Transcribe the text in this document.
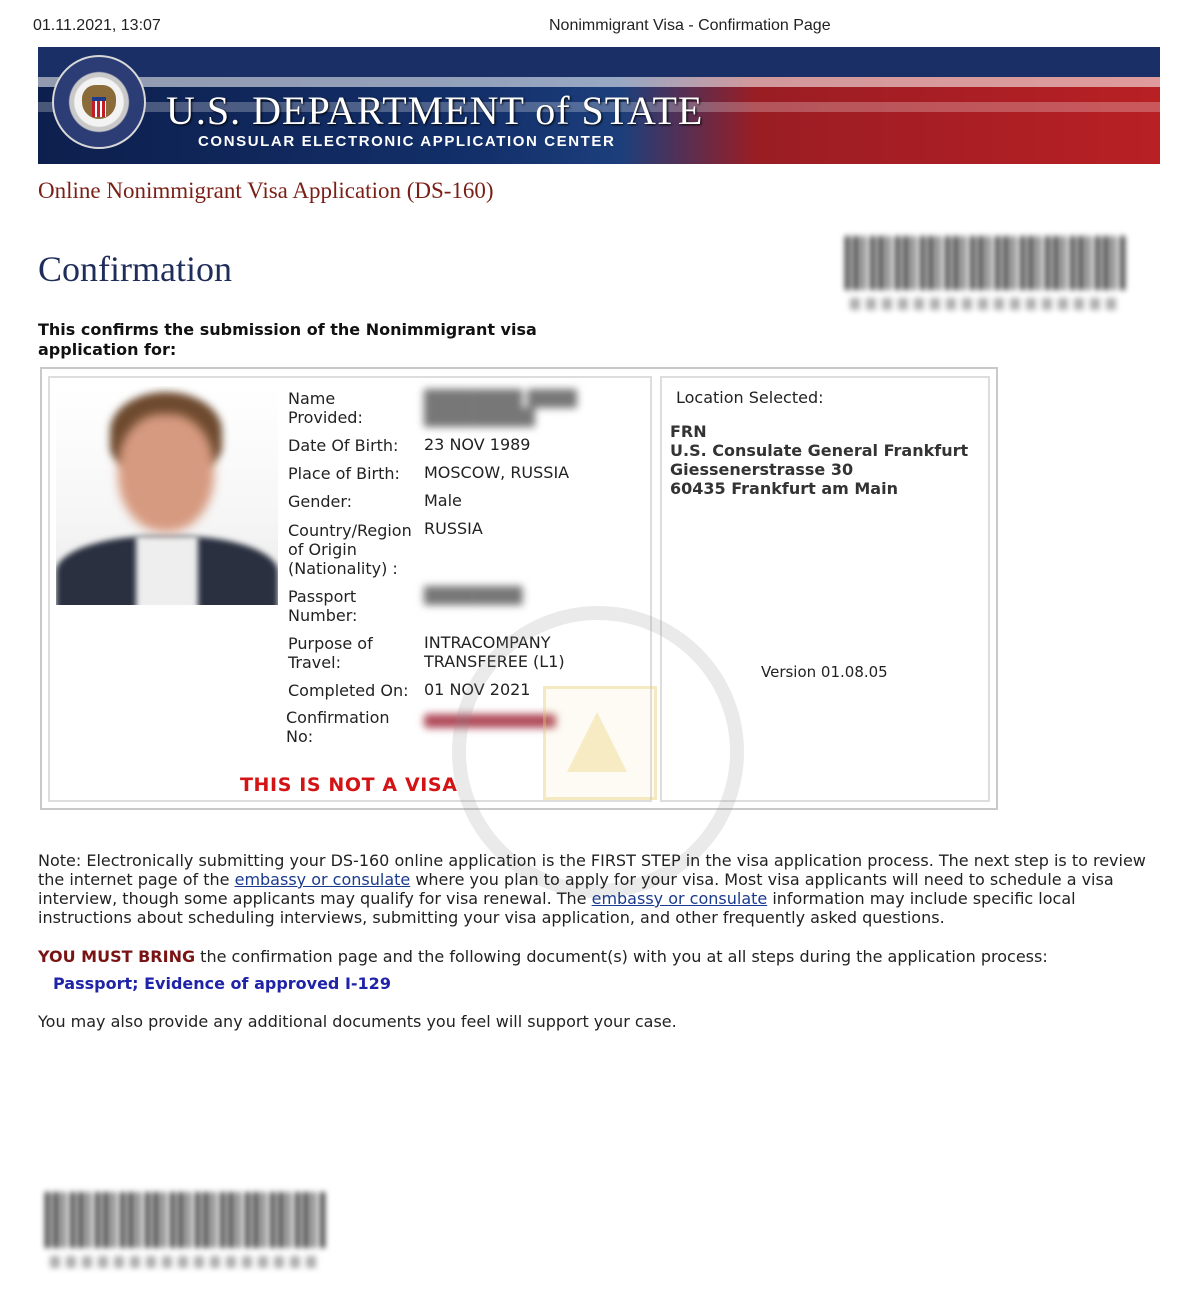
01.11.2021, 13:07	Nonimmigrant Visa - Confirmation Page
U.S. DEPARTMENT of STATE
CONSULAR ELECTRONIC APPLICATION CENTER
Online Nonimmigrant Visa Application (DS-160)
Confirmation
This confirms the submission of the Nonimmigrant visa application for:
Name Provided:
████████ ████
█████████
Date Of Birth: 23 NOV 1989
Place of Birth: MOSCOW, RUSSIA
Gender:	Male
Country/Region of Origin (Nationality) :
RUSSIA
Passport Number:
████████
Purpose of Travel:
INTRACOMPANY TRANSFEREE (L1)
Completed On: 01 NOV 2021
Confirmation No:
THIS IS NOT A VISA
Location Selected:
FRN
U.S. Consulate General Frankfurt
Giessenerstrasse 30
60435 Frankfurt am Main
Version 01.08.05
Note: Electronically submitting your DS-160 online application is the FIRST STEP in the visa application process. The next step is to review the internet page of the embassy or consulate where you plan to apply for your visa. Most visa applicants will need to schedule a visa interview, though some applicants may qualify for visa renewal. The embassy or consulate information may include specific local instructions about scheduling interviews, submitting your visa application, and other frequently asked questions.
YOU MUST BRING the confirmation page and the following document(s) with you at all steps during the application process:
Passport; Evidence of approved I-129
You may also provide any additional documents you feel will support your case.
